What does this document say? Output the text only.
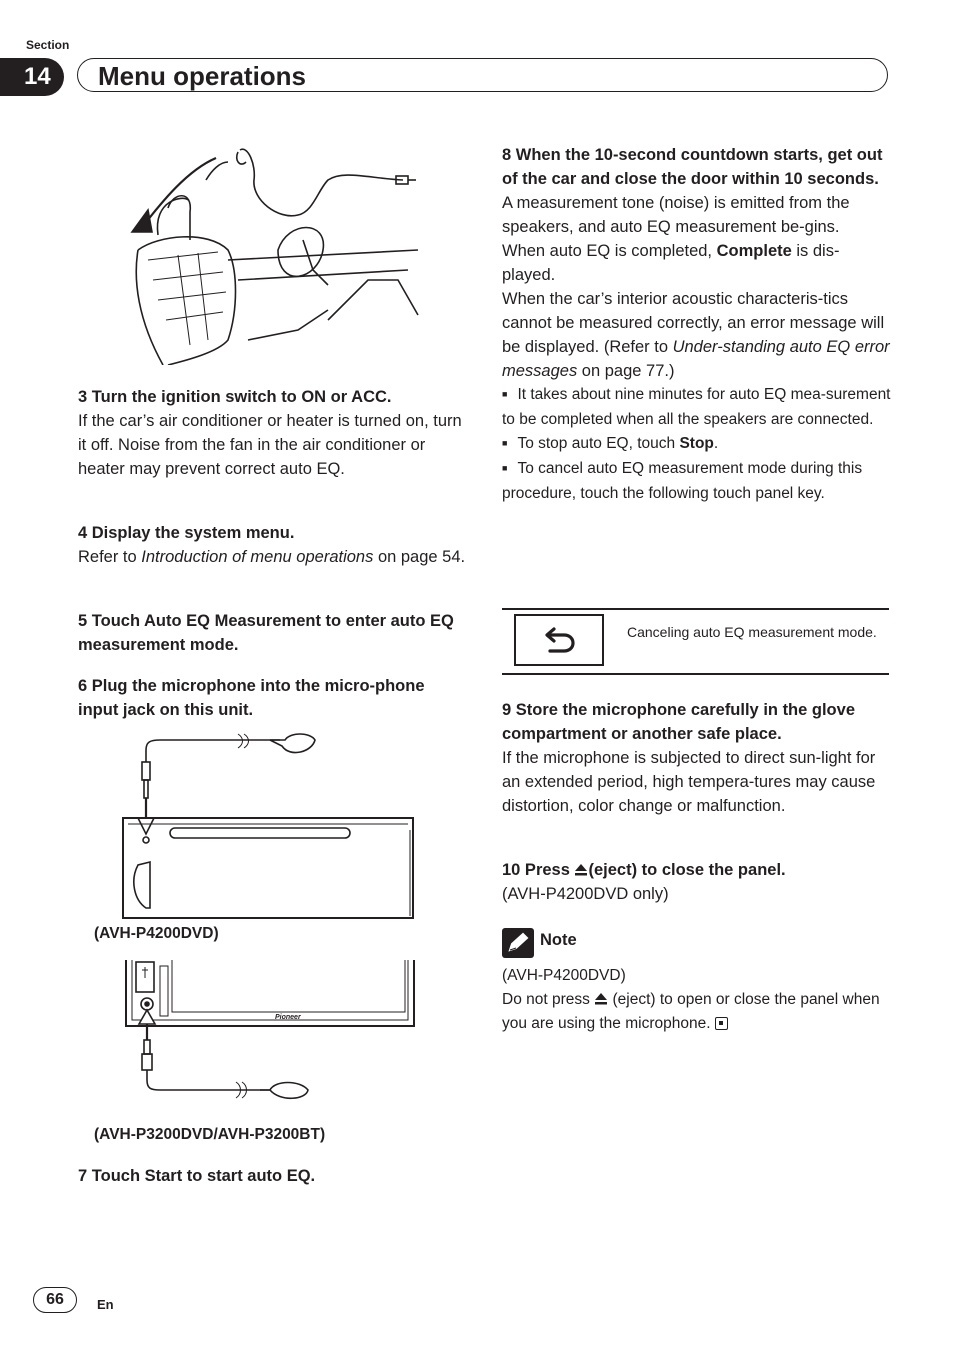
Section
14	Menu operations

3 Turn the ignition switch to ON or ACC.

If the car’s air conditioner or heater is turned on, turn it off. Noise from the fan in the air conditioner or heater may prevent correct auto EQ.

4 Display the system menu.

Refer to Introduction of menu operations on page 54.

5 Touch Auto EQ Measurement to enter auto EQ measurement mode.

6 Plug the microphone into the micro-phone input jack on this unit.

(AVH-P4200DVD)
Pioneer
(AVH-P3200DVD/AVH-P3200BT)

7 Touch Start to start auto EQ.

8 When the 10-second countdown starts, get out of the car and close the door within 10 seconds.

A measurement tone (noise) is emitted from the speakers, and auto EQ measurement be-gins.

When auto EQ is completed, Complete is dis-played.

When the car’s interior acoustic characteris-tics cannot be measured correctly, an error message will be displayed. (Refer to Under-standing auto EQ error messages on page 77.)

■ It takes about nine minutes for auto EQ mea-surement to be completed when all the speakers are connected.

■ To stop auto EQ, touch Stop.

■ To cancel auto EQ measurement mode during this procedure, touch the following touch panel key.

Canceling auto EQ measurement mode.

9 Store the microphone carefully in the glove compartment or another safe place.

If the microphone is subjected to direct sun-light for an extended period, high tempera-tures may cause distortion, color change or malfunction.

10 Press (eject) to close the panel.

(AVH-P4200DVD only)

Note

(AVH-P4200DVD)

Do not press  (eject) to open or close the panel when you are using the microphone.

66	En
